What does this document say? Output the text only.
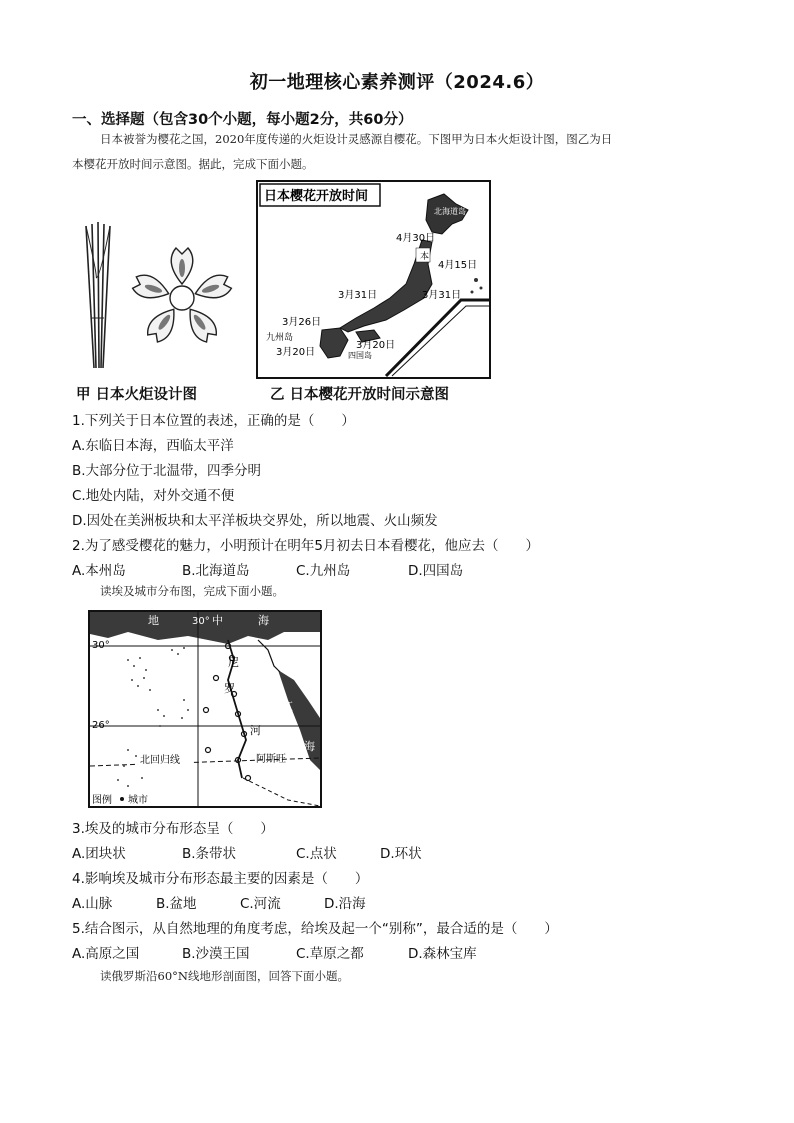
初一地理核心素养测评（2024.6）
一、选择题（包含30个小题，每小题2分，共60分）
日本被誉为樱花之国，2020年度传递的火炬设计灵感源自樱花。下图甲为日本火炬设计图，图乙为日
本樱花开放时间示意图。据此，完成下面小题。
日本樱花开放时间	5月10日
北海道岛
4月30日
本
4月15日
3月31日	3月31日
3月26日
九州岛
3月20日
3月20日
四国岛
甲 日本火炬设计图	乙 日本樱花开放时间示意图
1.下列关于日本位置的表述，正确的是（　　）
A.东临日本海，西临太平洋
B.大部分位于北温带，四季分明
C.地处内陆，对外交通不便
D.因处在美洲板块和太平洋板块交界处，所以地震、火山频发
2.为了感受樱花的魅力，小明预计在明年5月初去日本看樱花，他应去（　　）
A.本州岛	B.北海道岛	C.九州岛	D.四国岛
读埃及城市分布图，完成下面小题。
地	30° 中	海
30°
26°
尼
罗
河
红
海
北回归线	阿斯旺
图例 城市
3.埃及的城市分布形态呈（　　）
A.团块状	B.条带状	C.点状	D.环状
4.影响埃及城市分布形态最主要的因素是（　　）
A.山脉	B.盆地	C.河流	D.沿海
5.结合图示，从自然地理的角度考虑，给埃及起一个“别称”，最合适的是（　　）
A.高原之国	B.沙漠王国	C.草原之都	D.森林宝库
读俄罗斯沿60°N线地形剖面图，回答下面小题。
